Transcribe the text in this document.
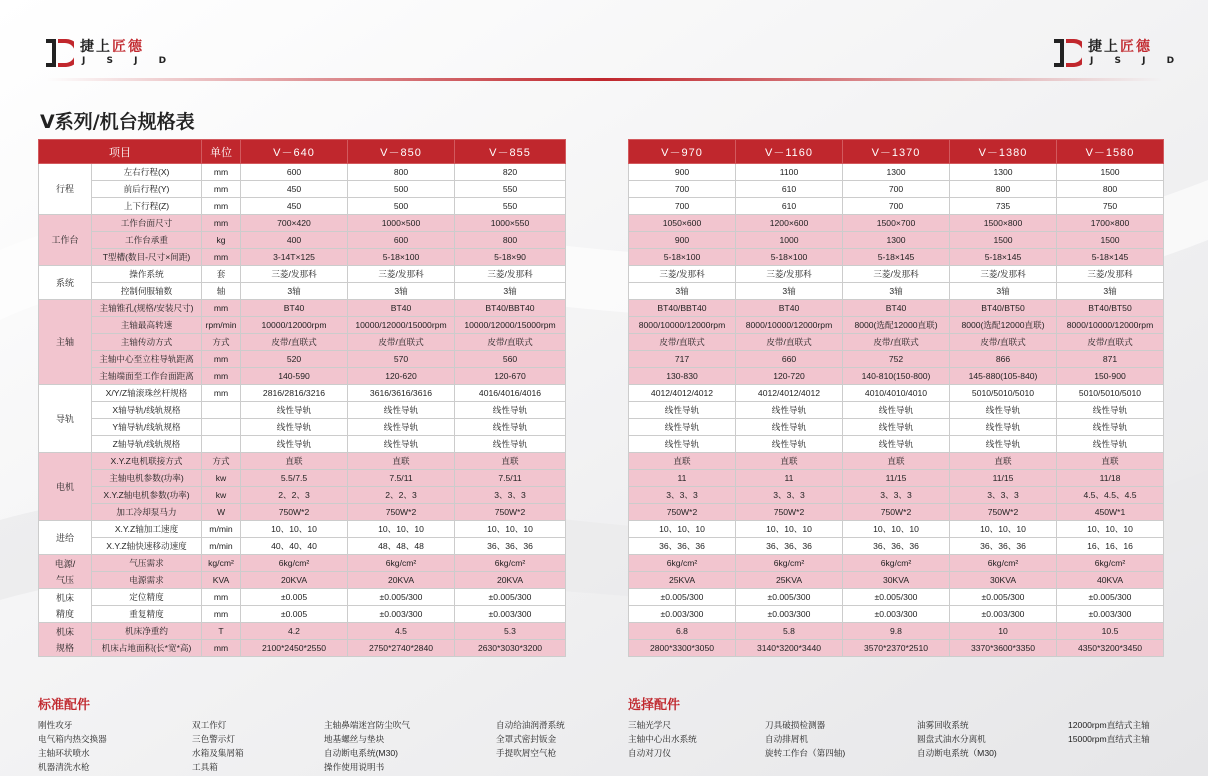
捷上匠德
J S J D
捷上匠德
J S J D
V系列/机台规格表
项目		单位	V－640	V－850	V－855
行程	左右行程(X)	mm	600	800	820
	前后行程(Y)	mm	450	500	550
	上下行程(Z)	mm	450	500	550
工作台	工作台面尺寸	mm	700×420	1000×500	1000×550
	工作台承重	kg	400	600	800
	T型槽(数目-尺寸×间距)	mm	3-14T×125	5-18×100	5-18×90
系统	操作系统	套	三菱/发那科	三菱/发那科	三菱/发那科
	控制伺服轴数	轴	3轴	3轴	3轴
主轴	主轴锥孔(规格/安装尺寸)	mm	BT40	BT40	BT40/BBT40
	主轴最高转速	rpm/min	10000/12000rpm	10000/12000/15000rpm	10000/12000/15000rpm
	主轴传动方式	方式	皮带/直联式	皮带/直联式	皮带/直联式
	主轴中心至立柱导轨距离	mm	520	570	560
	主轴端面至工作台面距离	mm	140-590	120-620	120-670
导轨	X/Y/Z轴滚珠丝杆规格	mm	2816/2816/3216	3616/3616/3616	4016/4016/4016
	X轴导轨/线轨规格		线性导轨	线性导轨	线性导轨
	Y轴导轨/线轨规格		线性导轨	线性导轨	线性导轨
	Z轴导轨/线轨规格		线性导轨	线性导轨	线性导轨
电机	X.Y.Z电机联接方式	方式	直联	直联	直联
	主轴电机参数(功率)	kw	5.5/7.5	7.5/11	7.5/11
	X.Y.Z轴电机参数(功率)	kw	2、2、3	2、2、3	3、3、3
	加工冷却泵马力	W	750W*2	750W*2	750W*2
进给	X.Y.Z轴加工速度	m/min	10、10、10	10、10、10	10、10、10
	X.Y.Z轴快速移动速度	m/min	40、40、40	48、48、48	36、36、36
电源/
气压	气压需求	kg/cm²	6kg/cm²	6kg/cm²	6kg/cm²
	电源需求	KVA	20KVA	20KVA	20KVA
机床
精度	定位精度	mm	±0.005	±0.005/300	±0.005/300
	重复精度	mm	±0.005	±0.003/300	±0.003/300
机床
规格	机床净重约	T	4.2	4.5	5.3
	机床占地面积(长*宽*高)	mm	2100*2450*2550	2750*2740*2840	2630*3030*3200
V－970	V－1160	V－1370	V－1380	V－1580
900	1100	1300	1300	1500
700	610	700	800	800
700	610	700	735	750
1050×600	1200×600	1500×700	1500×800	1700×800
900	1000	1300	1500	1500
5-18×100	5-18×100	5-18×145	5-18×145	5-18×145
三菱/发那科	三菱/发那科	三菱/发那科	三菱/发那科	三菱/发那科
3轴	3轴	3轴	3轴	3轴
BT40/BBT40	BT40	BT40	BT40/BT50	BT40/BT50
8000/10000/12000rpm	8000/10000/12000rpm	8000(选配12000直联)	8000(选配12000直联)	8000/10000/12000rpm
皮带/直联式	皮带/直联式	皮带/直联式	皮带/直联式	皮带/直联式
717	660	752	866	871
130-830	120-720	140-810(150-800)	145-880(105-840)	150-900
4012/4012/4012	4012/4012/4012	4010/4010/4010	5010/5010/5010	5010/5010/5010
线性导轨	线性导轨	线性导轨	线性导轨	线性导轨
线性导轨	线性导轨	线性导轨	线性导轨	线性导轨
线性导轨	线性导轨	线性导轨	线性导轨	线性导轨
直联	直联	直联	直联	直联
11	11	11/15	11/15	11/18
3、3、3	3、3、3	3、3、3	3、3、3	4.5、4.5、4.5
750W*2	750W*2	750W*2	750W*2	450W*1
10、10、10	10、10、10	10、10、10	10、10、10	10、10、10
36、36、36	36、36、36	36、36、36	36、36、36	16、16、16
6kg/cm²	6kg/cm²	6kg/cm²	6kg/cm²	6kg/cm²
25KVA	25KVA	30KVA	30KVA	40KVA
±0.005/300	±0.005/300	±0.005/300	±0.005/300	±0.005/300
±0.003/300	±0.003/300	±0.003/300	±0.003/300	±0.003/300
6.8	5.8	9.8	10	10.5
2800*3300*3050	3140*3200*3440	3570*2370*2510	3370*3600*3350	4350*3200*3450
标准配件	选择配件
刚性攻牙
电气箱内热交换器
主轴环状喷水
机器清洗水枪
双工作灯
三色警示灯
水箱及集屑箱
工具箱
主轴鼻端迷宫防尘吹气
地基螺丝与垫块
自动断电系统(M30)
操作使用说明书
自动给油润滑系统
全罩式密封钣金
手提吹屑空气枪
三轴光学尺
主轴中心出水系统
自动对刀仪
刀具破损检测器
自动排屑机
旋转工作台（第四轴)
油雾回收系统
圆盘式油水分离机
自动断电系统（M30)
12000rpm直结式主轴
15000rpm直结式主轴
